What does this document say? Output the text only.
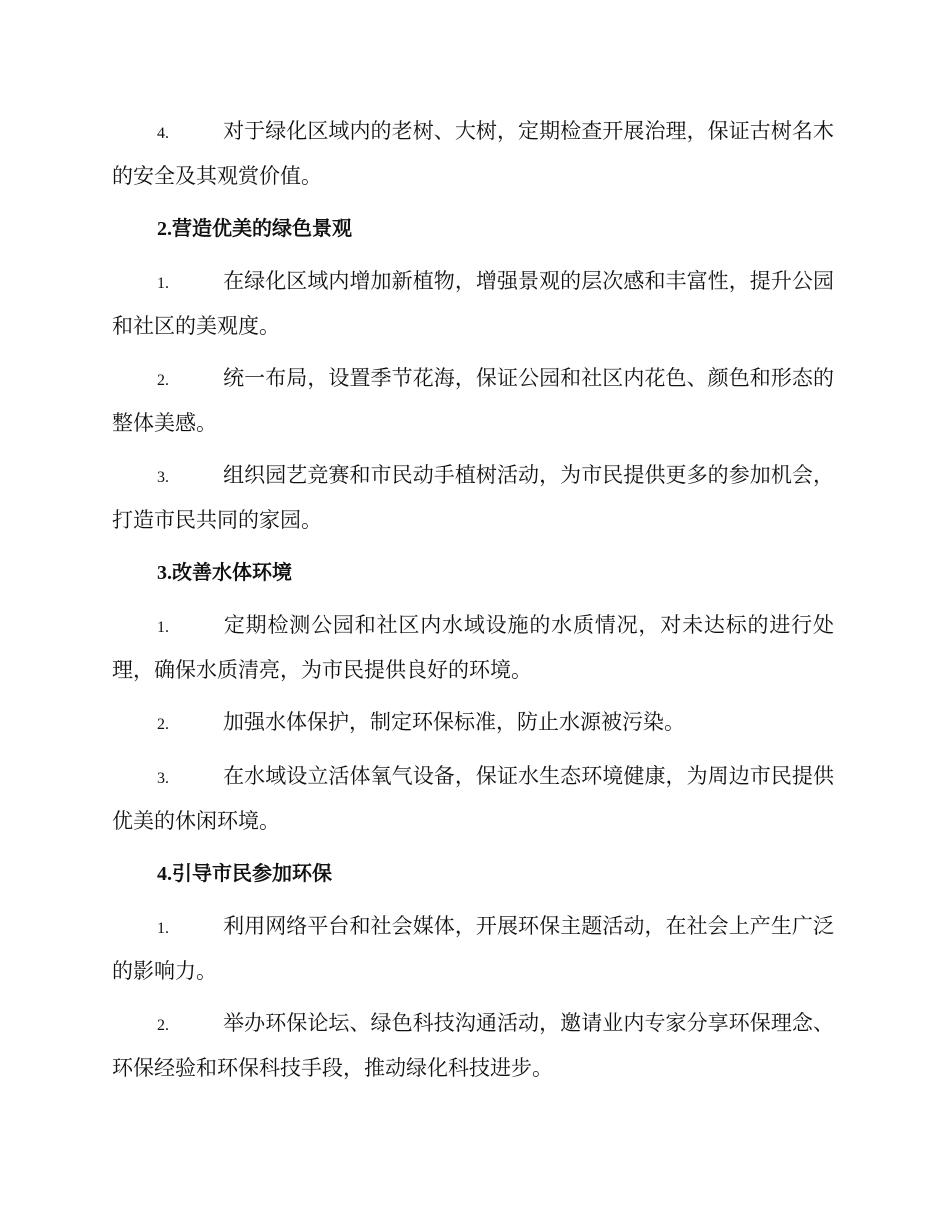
4.	对于绿化区域内的老树、大树，定期检查开展治理，保证古树名木的安全及其观赏价值。

2.营造优美的绿色景观

1.	在绿化区域内增加新植物，增强景观的层次感和丰富性，提升公园和社区的美观度。

2.	统一布局，设置季节花海，保证公园和社区内花色、颜色和形态的整体美感。

3.	组织园艺竞赛和市民动手植树活动，为市民提供更多的参加机会，打造市民共同的家园。

3.改善水体环境

1.	定期检测公园和社区内水域设施的水质情况，对未达标的进行处理，确保水质清亮，为市民提供良好的环境。

2.	加强水体保护，制定环保标准，防止水源被污染。

3.	在水域设立活体氧气设备，保证水生态环境健康，为周边市民提供优美的休闲环境。

4.引导市民参加环保

1.	利用网络平台和社会媒体，开展环保主题活动，在社会上产生广泛的影响力。

2.	举办环保论坛、绿色科技沟通活动，邀请业内专家分享环保理念、环保经验和环保科技手段，推动绿化科技进步。
